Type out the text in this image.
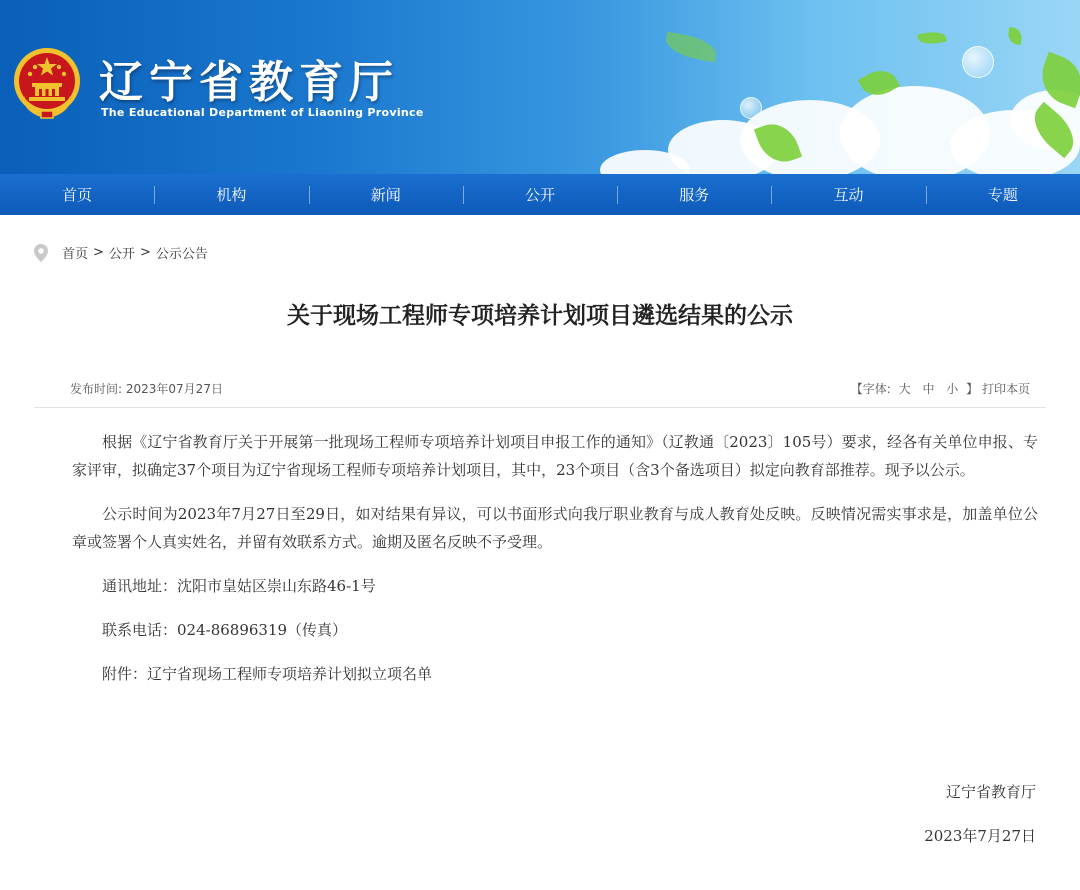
辽宁省教育厅
The Educational Department of Liaoning Province
首页	机构	新闻	公开	服务	互动	专题
首页 > 公开 > 公示公告
关于现场工程师专项培养计划项目遴选结果的公示
发布时间: 2023年07月27日	【字体: 大 中 小 】 打印本页

根据《辽宁省教育厅关于开展第一批现场工程师专项培养计划项目申报工作的通知》（辽教通〔2023〕105号）要求，经各有关单位申报、专家评审，拟确定37个项目为辽宁省现场工程师专项培养计划项目，其中，23个项目（含3个备选项目）拟定向教育部推荐。现予以公示。

公示时间为2023年7月27日至29日，如对结果有异议，可以书面形式向我厅职业教育与成人教育处反映。反映情况需实事求是，加盖单位公章或签署个人真实姓名，并留有效联系方式。逾期及匿名反映不予受理。

通讯地址：沈阳市皇姑区崇山东路46-1号

联系电话：024-86896319（传真）

附件：辽宁省现场工程师专项培养计划拟立项名单

辽宁省教育厅
2023年7月27日
